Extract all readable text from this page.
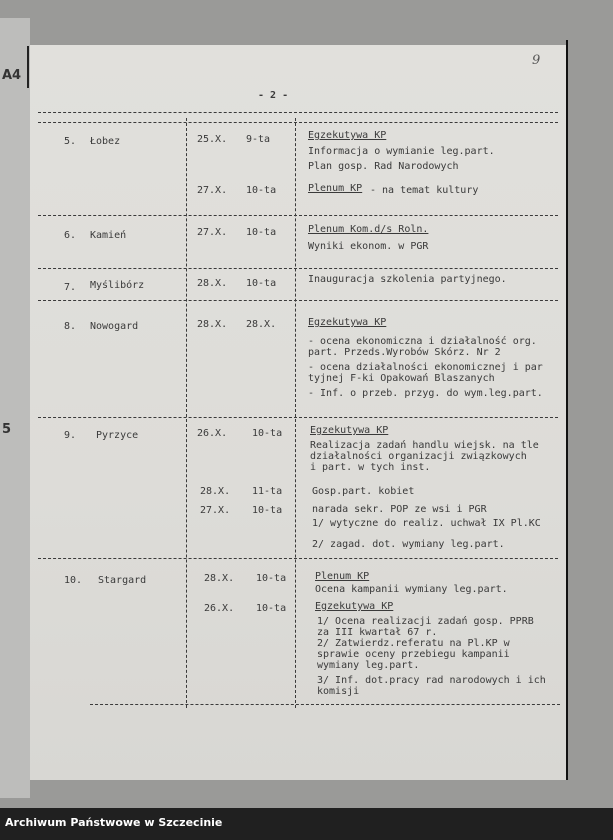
A4
5
9
- 2 -
5. Łobez	25.X. 9-ta	Egzekutywa KP
Informacja o wymianie leg.part.
Plan gosp. Rad Narodowych
27.X. 10-ta	Plenum KP - na temat kultury
6. Kamień	27.X. 10-ta	Plenum Kom.d/s Roln.
Wyniki ekonom. w PGR
7. Myślibórz	28.X. 10-ta	Inauguracja szkolenia partyjnego.
8. Nowogard	28.X. 28.X.	Egzekutywa KP
- ocena ekonomiczna i działalność org.
part. Przeds.Wyrobów Skórz. Nr 2
- ocena działalności ekonomicznej i par
tyjnej F-ki Opakowań Blaszanych
- Inf. o przeb. przyg. do wym.leg.part.
9. Pyrzyce	26.X. 10-ta	Egzekutywa KP
Realizacja zadań handlu wiejsk. na tle
działalności organizacji związkowych
i part. w tych inst.
28.X. 11-ta	Gosp.part. kobiet
27.X. 10-ta	narada sekr. POP ze wsi i PGR
1/ wytyczne do realiz. uchwał IX Pl.KC
2/ zagad. dot. wymiany leg.part.
10. Stargard	28.X. 10-ta	Plenum KP
Ocena kampanii wymiany leg.part.
26.X. 10-ta	Egzekutywa KP
1/ Ocena realizacji zadań gosp. PPRB
za III kwartał 67 r.
2/ Zatwierdz.referatu na Pl.KP w
sprawie oceny przebiegu kampanii
wymiany leg.part.
3/ Inf. dot.pracy rad narodowych i ich
komisji
Archiwum Państwowe w Szczecinie
